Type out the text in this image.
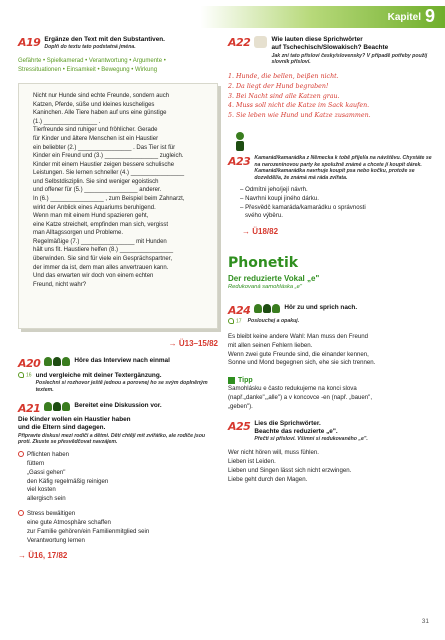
Kapitel 9
A19 Ergänze den Text mit den Substantiven.
Doplň do textu tato podstatná jména.
Gefährte • Spielkamerad • Verantwortung • Argumente •
Stressituationen • Einsamkeit • Bewegung • Wirkung
Nicht nur Hunde sind echte Freunde, sondern auch
Katzen, Pferde, süße und kleines kuscheliges
Kaninchen. Alle Tiere haben auf uns eine günstige
(1.) ________________ .
Tierfreunde sind ruhiger und fröhlicher. Gerade
für Kinder und ältere Menschen ist ein Haustier
ein beliebter (2.) ________________ . Das Tier ist für
Kinder ein Freund und (3.) ________________ zugleich.
Kinder mit einem Haustier zeigen bessere schulische
Leistungen. Sie lernen schneller (4.) ________________
und Selbstdisziplin. Sie sind weniger egoistisch
und offener für (5.) ________________ anderer.
In (6.) ________________ , zum Beispiel beim Zahnarzt,
wirkt der Anblick eines Aquariums beruhigend.
Wenn man mit einem Hund spazieren geht,
eine Katze streichelt, empfinden man sich, vergisst
man Alltagssorgen und Probleme.
Regelmäßige (7.) ________________ mit Hunden
hält uns fit. Haustiere helfen (8.) ________________
überwinden. Sie sind für viele ein Gesprächspartner,
der immer da ist, dem man alles anvertrauen kann.
Und das erwarten wir doch von einem echten
Freund, nicht wahr?
→ Ü13–15/82
A20	Höre das Interview nach einmal
16 und vergleiche mit deiner Textergänzung.
Poslechni si rozhovor ještě jednou a porovnej ho se svým doplněným textem.
A21	Bereitet eine Diskussion vor.
Die Kinder wollen ein Haustier haben
und die Eltern sind dagegen.
Připravte diskusi mezi rodiči a dětmi. Děti chtějí mít zvířátko, ale rodiče jsou proti. Zkuste se přesvědčovat navzájem.
Pflichten haben
füttern
„Gassi gehen"
den Käfig regelmäßig reinigen
viel kosten
allergisch sein
Stress bewältigen
eine gute Atmosphäre schaffen
zur Familie gehören/ein Familienmitglied sein
Verantwortung lernen
→ Ü16, 17/82
A22	Wie lauten diese Sprichwörter
auf Tschechisch/Slowakisch? Beachte
Jak zní tato přísloví česky/slovensky? V případě potřeby použij slovník přísloví.
1. Hunde, die bellen, beißen nicht.
2. Da liegt der Hund begraben!
3. Bei Nacht sind alle Katzen grau.
4. Muss soll nicht die Katze im Sack kaufen.
5. Sie leben wie Hund und Katze zusammen.
A23 Kamarád/kamarádka z Německa k tobě přijel/a na návštěvu. Chystáte se na narozeninovou party ke spolužně známé a chcete jí koupit dárek. Kamarád/kamarádka navrhuje koupit psa nebo kočku, protože se dozvěděl/a, že známá má ráda zvířata.
– Odmítni jeho/její návrh.
– Navrhni koupi jiného dárku.
– Přesvědč kamaráda/kamarádku o správnosti
svého výběru.
→ Ü18/82
Phonetik
Der reduzierte Vokal „e"
Redukovaná samohláska „e"
A24	Hör zu und sprich nach.
17 Poslouchej a opakuj.
Es bleibt keine andere Wahl: Man muss den Freund
mit allen seinen Fehlern lieben.
Wenn zwei gute Freunde sind, die einander kennen,
Sonne und Mond begegnen sich, ehe sie sich trennen.
Tipp
Samohlásku e často redukujeme na konci slova
(např.„danke",„alle") a v koncovce -en (např. „bauen",
„geben").
A25 Lies die Sprichwörter.
Beachte das reduzierte „e".
Přečti si přísloví. Všimni si redukovaného „e".
Wer nicht hören will, muss fühlen.
Lieben ist Leiden.
Lieben und Singen lässt sich nicht erzwingen.
Liebe geht durch den Magen.
31
